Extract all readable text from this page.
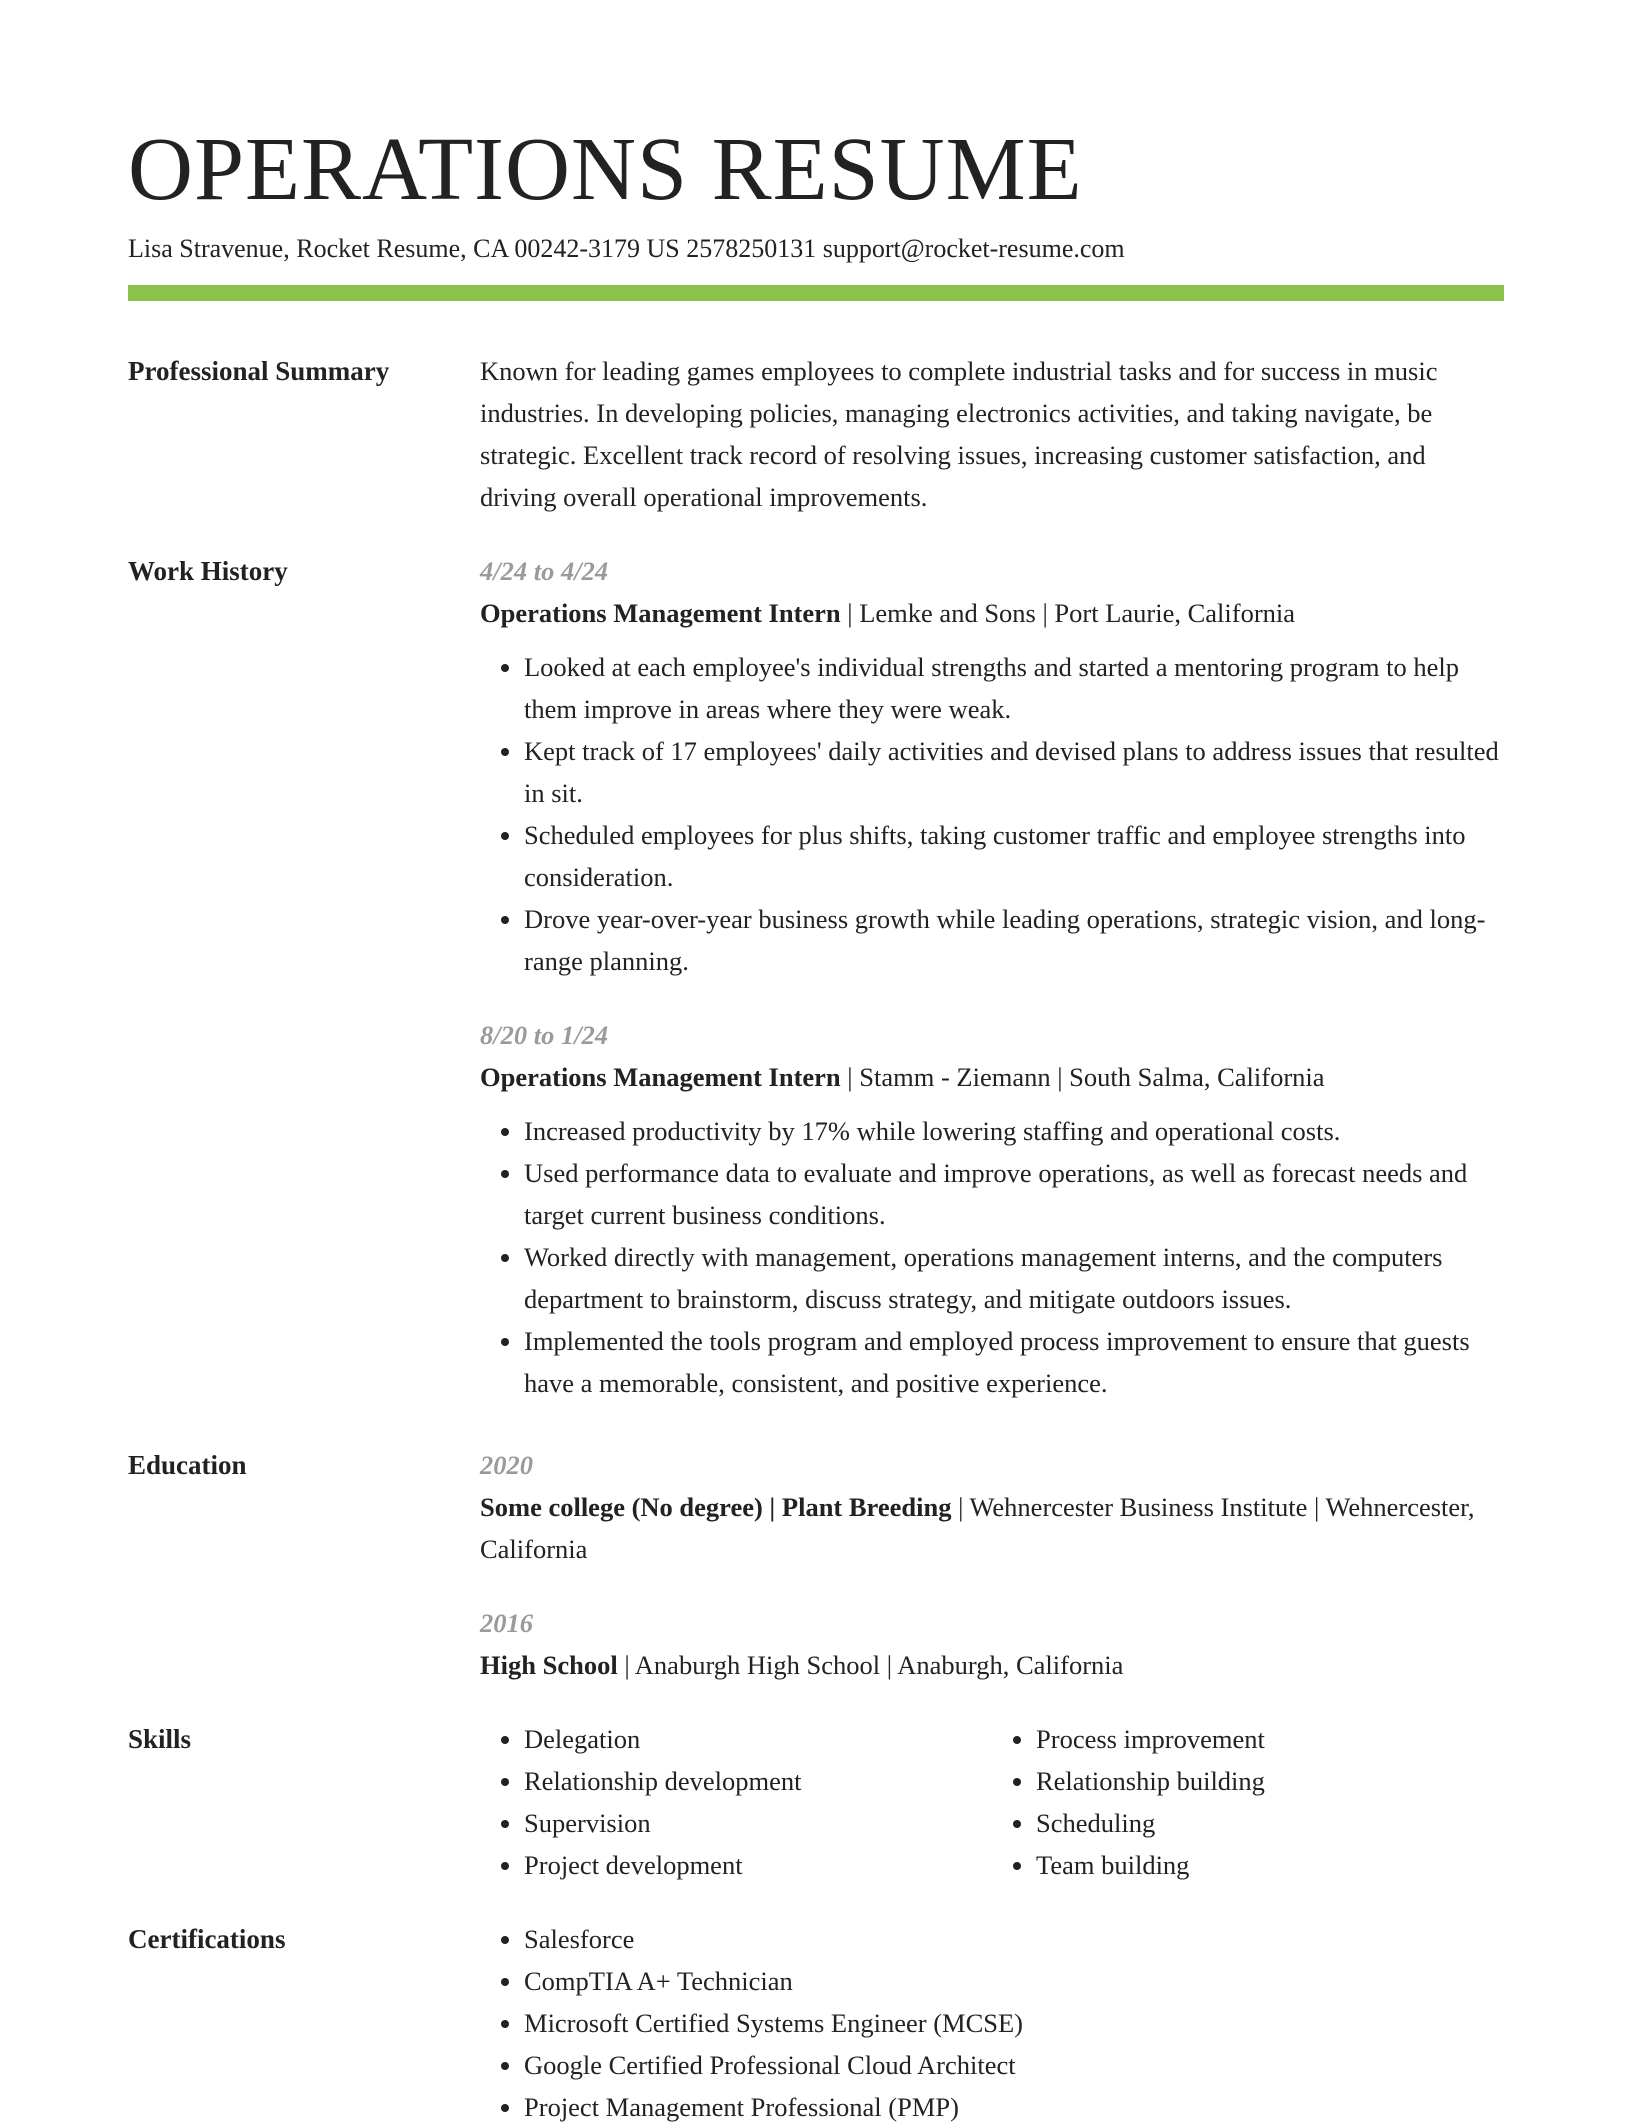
OPERATIONS RESUME
Lisa Stravenue, Rocket Resume, CA 00242-3179 US 2578250131 support@rocket-resume.com
Professional Summary	Known for leading games employees to complete industrial tasks and for success in music industries. In developing policies, managing electronics activities, and taking navigate, be strategic. Excellent track record of resolving issues, increasing customer satisfaction, and driving overall operational improvements.

Work History	4/24 to 4/24

Operations Management Intern | Lemke and Sons | Port Laurie, California

• Looked at each employee's individual strengths and started a mentoring program to help them improve in areas where they were weak.
• Kept track of 17 employees' daily activities and devised plans to address issues that resulted in sit.
• Scheduled employees for plus shifts, taking customer traffic and employee strengths into consideration.
• Drove year-over-year business growth while leading operations, strategic vision, and long-range planning.

8/20 to 1/24

Operations Management Intern | Stamm - Ziemann | South Salma, California

• Increased productivity by 17% while lowering staffing and operational costs.
• Used performance data to evaluate and improve operations, as well as forecast needs and target current business conditions.
• Worked directly with management, operations management interns, and the computers department to brainstorm, discuss strategy, and mitigate outdoors issues.
• Implemented the tools program and employed process improvement to ensure that guests have a memorable, consistent, and positive experience.
Education	2020

Some college (No degree) | Plant Breeding | Wehnercester Business Institute | Wehnercester, California

2016

High School | Anaburgh High School | Anaburgh, California

Skills	• Delegation
• Relationship development
• Supervision
• Project development
• Process improvement
• Relationship building
• Scheduling
• Team building
Certifications	• Salesforce
• CompTIA A+ Technician
• Microsoft Certified Systems Engineer (MCSE)
• Google Certified Professional Cloud Architect
• Project Management Professional (PMP)
